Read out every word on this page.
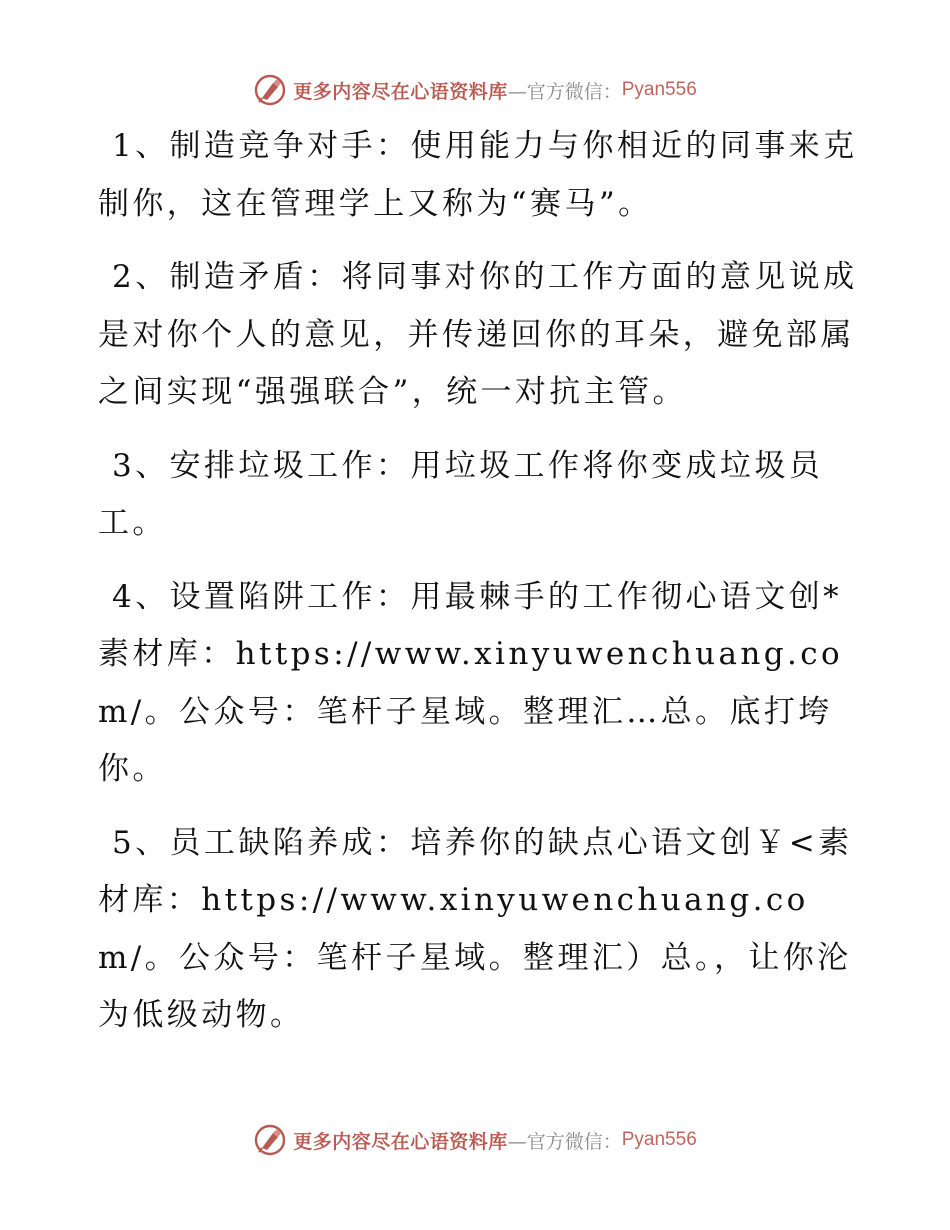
更多内容尽在心语资料库 —官方微信： Pyan556

1、制造竞争对手：使用能力与你相近的同事来克制你，这在管理学上又称为“赛马”。

2、制造矛盾：将同事对你的工作方面的意见说成是对你个人的意见，并传递回你的耳朵，避免部属之间实现“强强联合”，统一对抗主管。

3、安排垃圾工作：用垃圾工作将你变成垃圾员工。

4、设置陷阱工作：用最棘手的工作彻心语文创*素材库：https://www.xinyuwenchuang.com/。公众号：笔杆子星域。整理汇…总。底打垮你。

5、员工缺陷养成：培养你的缺点心语文创￥<素材库：https://www.xinyuwenchuang.com/。公众号：笔杆子星域。整理汇）总。，让你沦为低级动物。

更多内容尽在心语资料库 —官方微信： Pyan556
